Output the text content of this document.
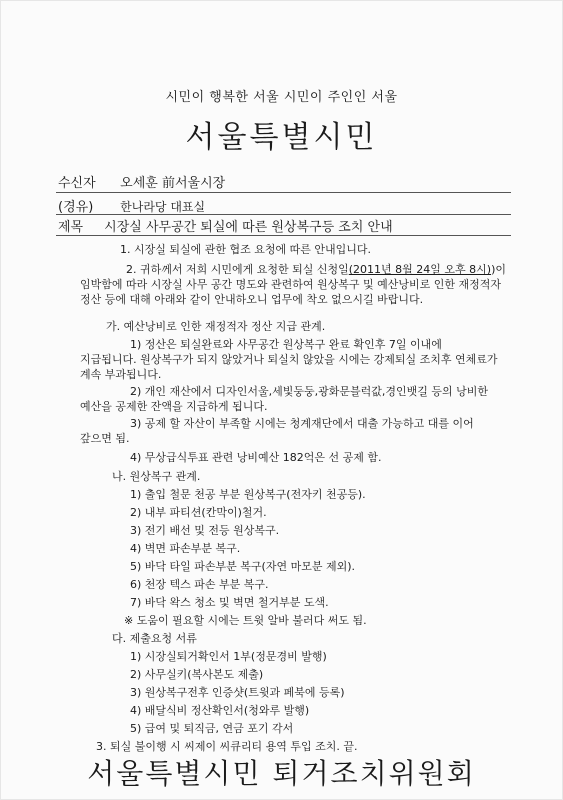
시민이 행복한 서울 시민이 주인인 서울
서울특별시민
수신자 오세훈 前서울시장
(경유) 한나라당 대표실
제목 시장실 사무공간 퇴실에 따른 원상복구등 조치 안내
1. 시장실 퇴실에 관한 협조 요청에 따른 안내입니다.
2. 귀하께서 저희 시민에게 요청한 퇴실 신청일(2011년 8월 24일 오후 8시))이
임박함에 따라 시장실 사무 공간 명도와 관련하여 원상복구 및 예산낭비로 인한 재정적자
정산 등에 대해 아래와 같이 안내하오니 업무에 착오 없으시길 바랍니다.
가. 예산낭비로 인한 재정적자 정산 지급 관계.
1) 정산은 퇴실완료와 사무공간 원상복구 완료 확인후 7일 이내에
지급됩니다. 원상복구가 되지 않았거나 퇴실치 않았을 시에는 강제퇴실 조치후 연체료가
계속 부과됩니다.
2) 개인 재산에서 디자인서울,세빛둥둥,광화문블럭값,경인뱃길 등의 낭비한
예산을 공제한 잔액을 지급하게 됩니다.
3) 공제 할 자산이 부족할 시에는 청계재단에서 대출 가능하고 대를 이어
갚으면 됨.
4) 무상급식투표 관련 낭비예산 182억은 선 공제 함.
나. 원상복구 관계.
1) 출입 철문 천공 부분 원상복구(전자키 천공등).
2) 내부 파티션(칸막이)철거.
3) 전기 배선 및 전등 원상복구.
4) 벽면 파손부분 복구.
5) 바닥 타일 파손부분 복구(자연 마모분 제외).
6) 천장 텍스 파손 부분 복구.
7) 바닥 왁스 청소 및 벽면 철거부분 도색.
※ 도움이 필요할 시에는 트윗 알바 불러다 써도 됨.
다. 제출요청 서류
1) 시장실퇴거확인서 1부(정문경비 발행)
2) 사무실키(복사본도 제출)
3) 원상복구전후 인증샷(트윗과 페북에 등록)
4) 배달식비 정산확인서(청와루 발행)
5) 급여 및 퇴직금, 연금 포기 각서
3. 퇴실 불이행 시 씨제이 씨큐리티 용역 투입 조치. 끝.
서울특별시민 퇴거조치위원회
